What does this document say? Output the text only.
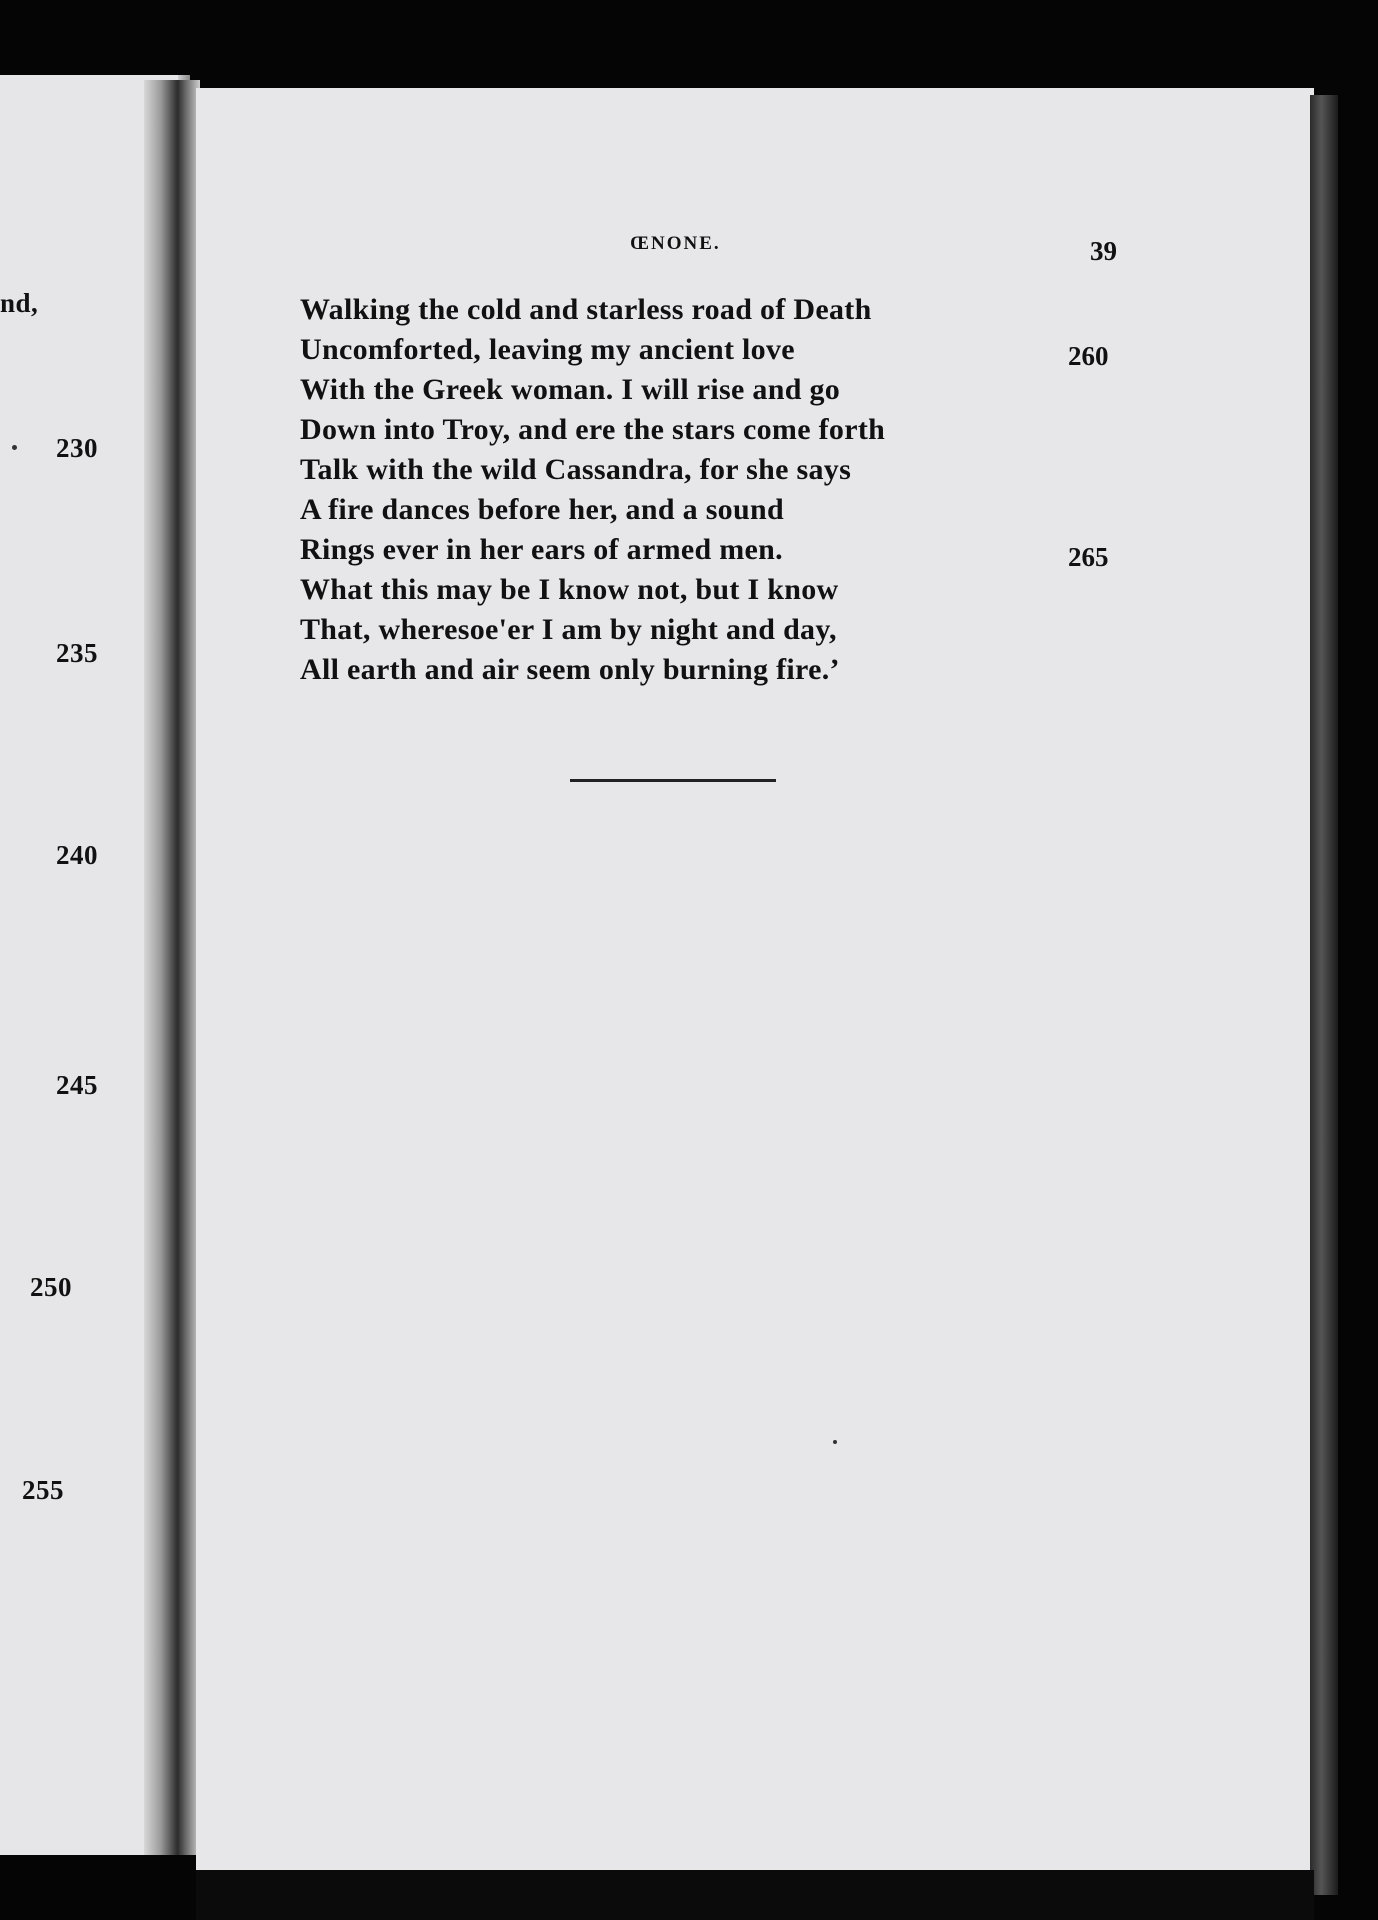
nd,
230
235
240
245
250
255
ŒNONE.	39
Walking the cold and starless road of Death
Uncomforted, leaving my ancient love
With the Greek woman. I will rise and go
Down into Troy, and ere the stars come forth
Talk with the wild Cassandra, for she says
A fire dances before her, and a sound
Rings ever in her ears of armed men.
What this may be I know not, but I know
That, wheresoe'er I am by night and day,
All earth and air seem only burning fire.’
260
265
